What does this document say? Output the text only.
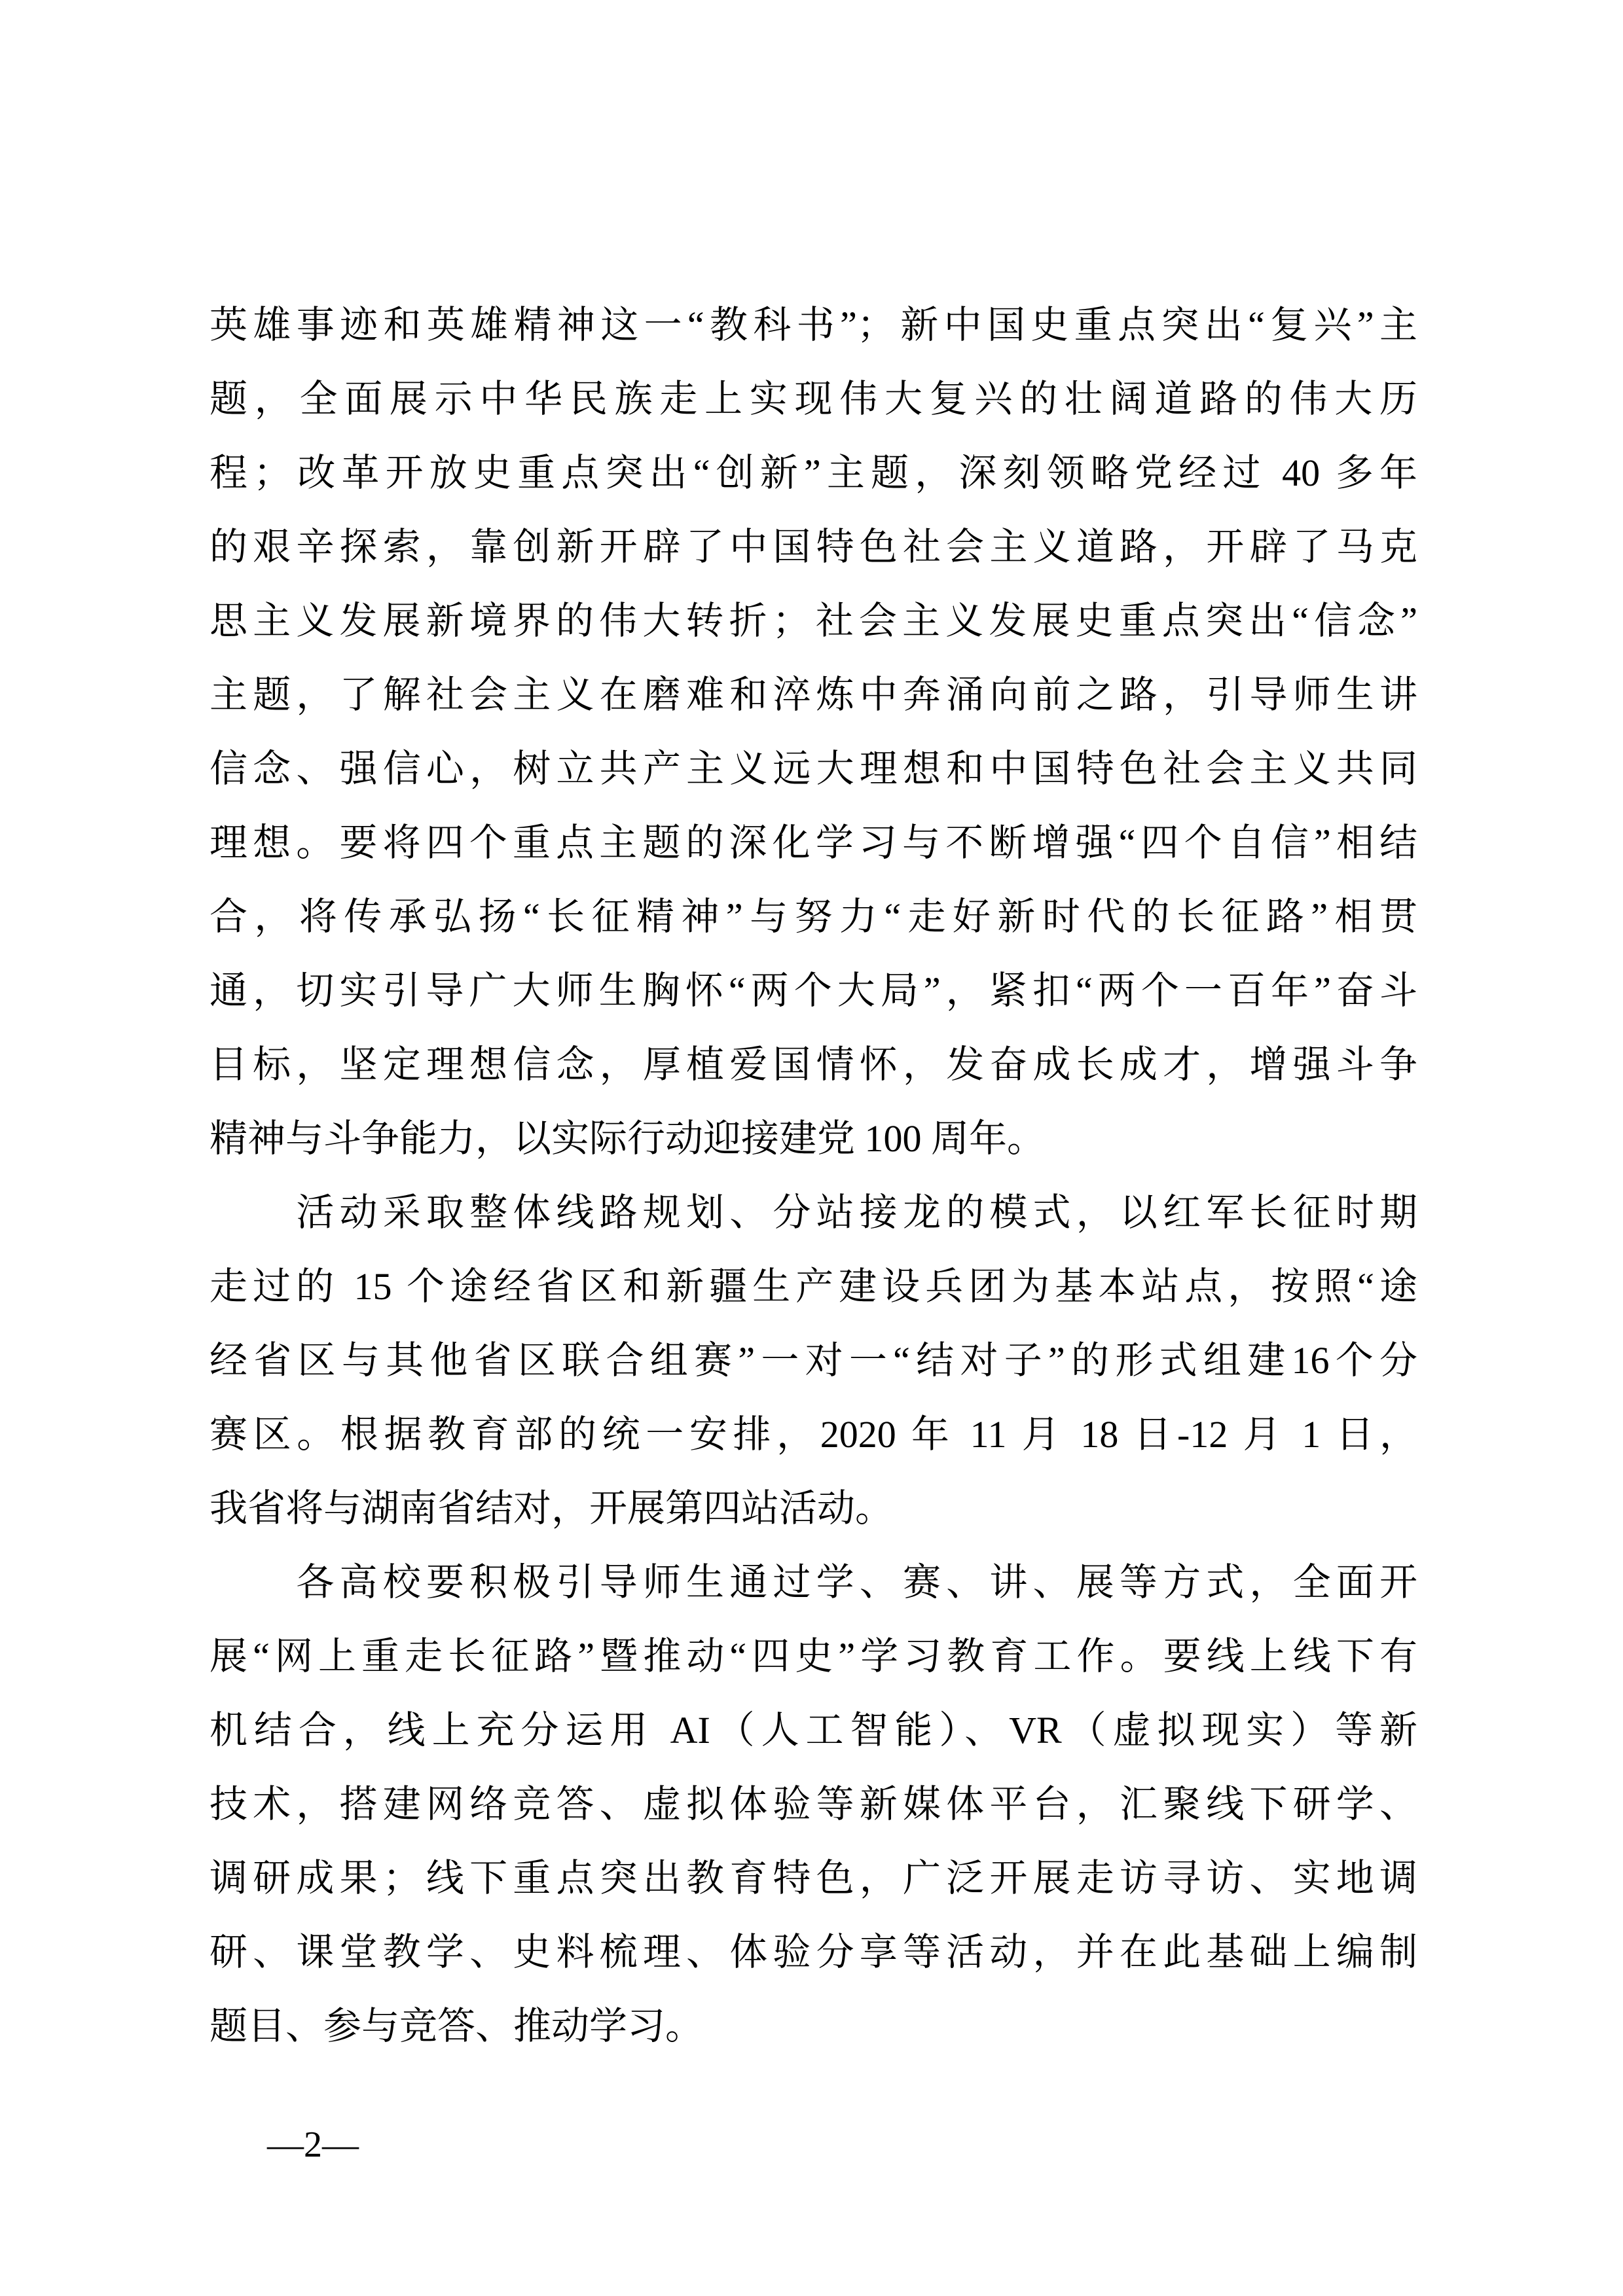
英雄事迹和英雄精神这一“教科书”；新中国史重点突出“复兴”主
题，全面展示中华民族走上实现伟大复兴的壮阔道路的伟大历
程；改革开放史重点突出“创新”主题，深刻领略党经过 40 多年
的艰辛探索，靠创新开辟了中国特色社会主义道路，开辟了马克
思主义发展新境界的伟大转折；社会主义发展史重点突出“信念”
主题，了解社会主义在磨难和淬炼中奔涌向前之路，引导师生讲
信念、强信心，树立共产主义远大理想和中国特色社会主义共同
理想。要将四个重点主题的深化学习与不断增强“四个自信”相结
合，将传承弘扬“长征精神”与努力“走好新时代的长征路”相贯
通，切实引导广大师生胸怀“两个大局”，紧扣“两个一百年”奋斗
目标，坚定理想信念，厚植爱国情怀，发奋成长成才，增强斗争
精神与斗争能力，以实际行动迎接建党 100 周年。
　　活动采取整体线路规划、分站接龙的模式，以红军长征时期
走过的 15 个途经省区和新疆生产建设兵团为基本站点，按照“途
经省区与其他省区联合组赛”一对一“结对子”的形式组建16个分
赛区。根据教育部的统一安排，2020 年 11 月 18 日-12 月 1 日，
我省将与湖南省结对，开展第四站活动。
　　各高校要积极引导师生通过学、赛、讲、展等方式，全面开
展“网上重走长征路”暨推动“四史”学习教育工作。要线上线下有
机结合，线上充分运用 AI（人工智能）、VR（虚拟现实）等新
技术，搭建网络竞答、虚拟体验等新媒体平台，汇聚线下研学、
调研成果；线下重点突出教育特色，广泛开展走访寻访、实地调
研、课堂教学、史料梳理、体验分享等活动，并在此基础上编制
题目、参与竞答、推动学习。
—2—
